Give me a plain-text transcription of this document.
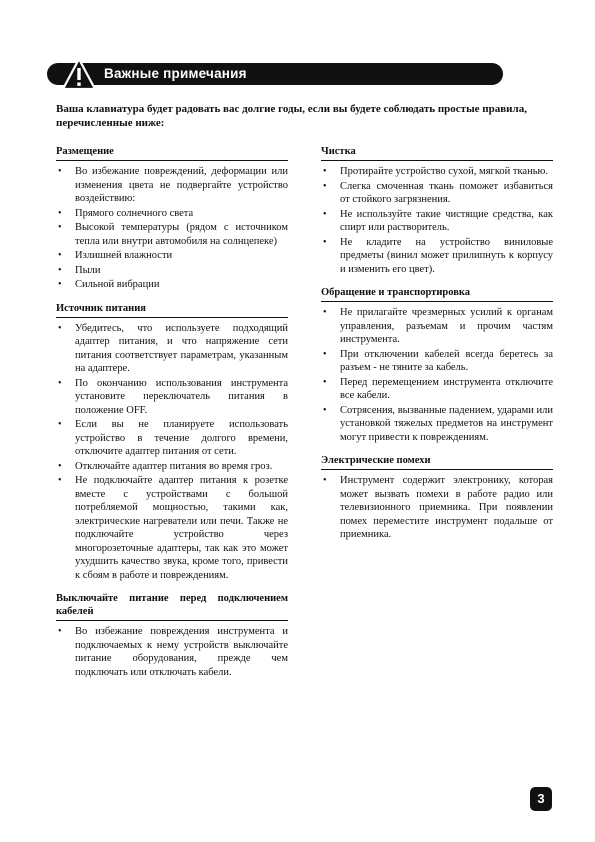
Важные примечания
Ваша клавиатура будет радовать вас долгие годы, если вы будете соблюдать простые правила, перечисленные ниже:
Размещение
• Во избежание повреждений, деформации или изменения цвета не подвергайте устройство воздействию:
• Прямого солнечного света
• Высокой температуры (рядом с источником тепла или внутри автомобиля на солнцепеке)
• Излишней влажности
• Пыли
• Сильной вибрации
Источник питания
• Убедитесь, что используете подходящий адаптер питания, и что напряжение сети питания соответствует параметрам, указанным на адаптере.
• По окончанию использования инструмента установите переключатель питания в положение OFF.
• Если вы не планируете использовать устройство в течение долгого времени, отключите адаптер питания от сети.
• Отключайте адаптер питания во время гроз.
• Не подключайте адаптер питания к розетке вместе с устройствами с большой потребляемой мощностью, такими как, электрические нагреватели или печи. Также не подключайте устройство через многорозеточные адаптеры, так как это может ухудшить качество звука, кроме того, привести к сбоям в работе и повреждениям.
Выключайте питание перед подключением кабелей
• Во избежание повреждения инструмента и подключаемых к нему устройств выключайте питание оборудования, прежде чем подключать или отключать кабели.
Чистка
• Протирайте устройство сухой, мягкой тканью.
• Слегка смоченная ткань поможет избавиться от стойкого загрязнения.
• Не используйте такие чистящие средства, как спирт или растворитель.
• Не кладите на устройство виниловые предметы (винил может прилипнуть к корпусу и изменить его цвет).
Обращение и транспортировка
• Не прилагайте чрезмерных усилий к органам управления, разъемам и прочим частям инструмента.
• При отключении кабелей всегда беретесь за разъем - не тяните за кабель.
• Перед перемещением инструмента отключите все кабели.
• Сотрясения, вызванные падением, ударами или установкой тяжелых предметов на инструмент могут привести к повреждениям.
Электрические помехи
• Инструмент содержит электронику, которая может вызвать помехи в работе радио или телевизионного приемника. При появлении помех переместите инструмент подальше от приемника.
3
